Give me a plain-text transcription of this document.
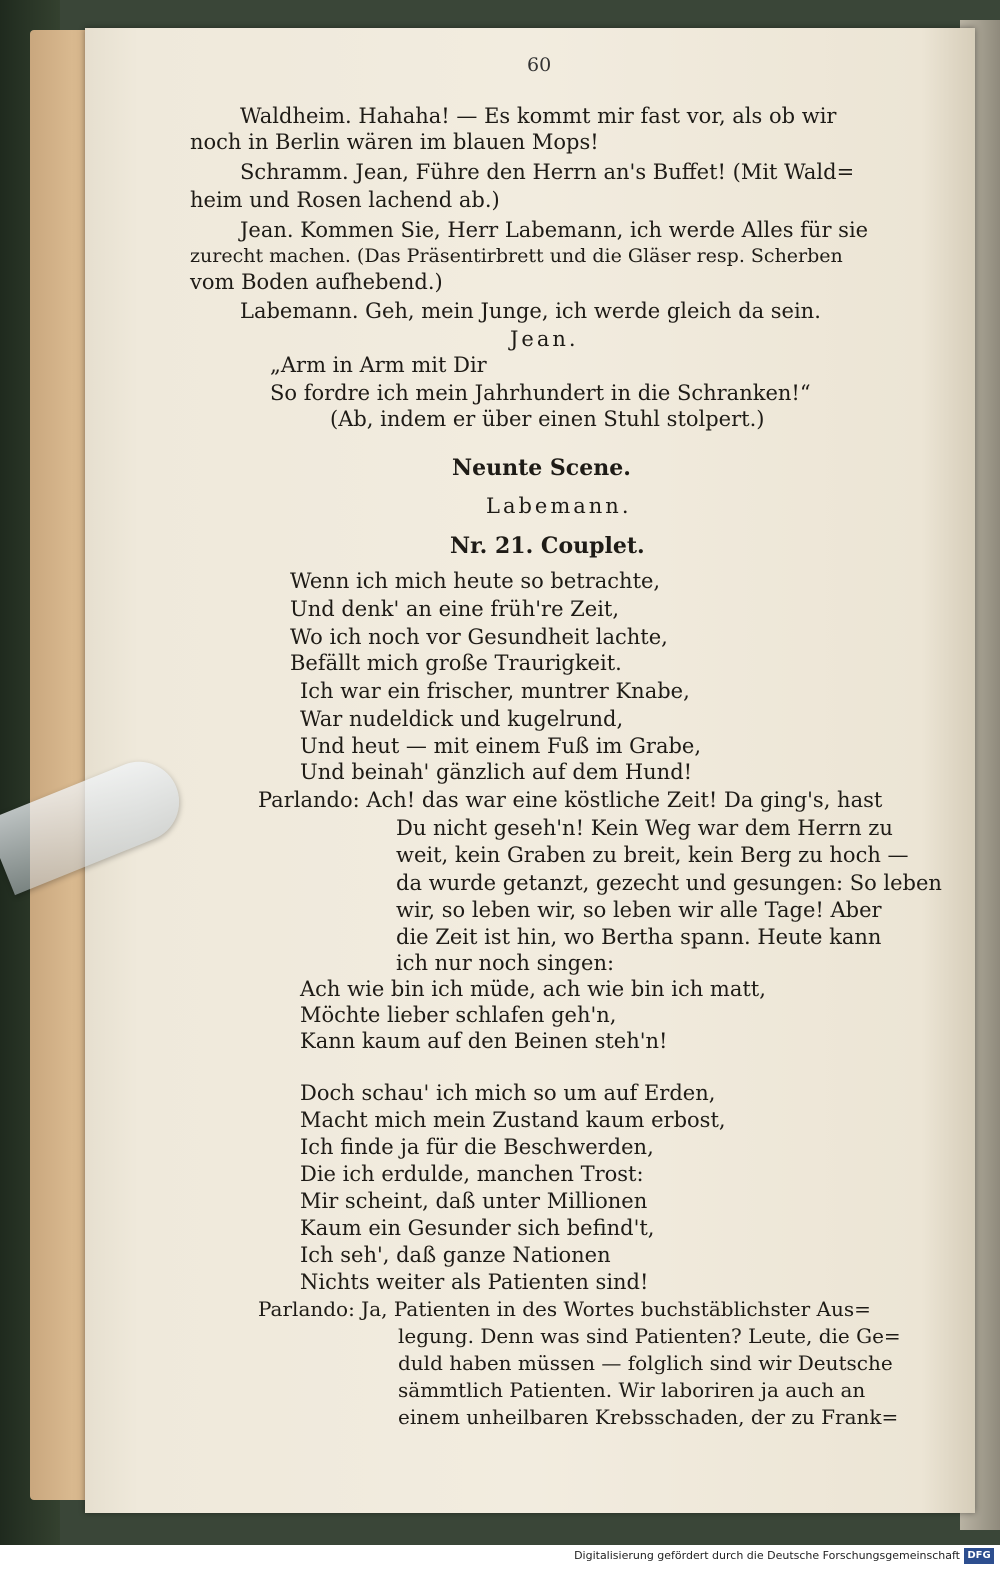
60
Waldheim. Hahaha! — Es kommt mir fast vor, als ob wir
noch in Berlin wären im blauen Mops!
Schramm. Jean, Führe den Herrn an's Buffet! (Mit Wald=
heim und Rosen lachend ab.)
Jean. Kommen Sie, Herr Labemann, ich werde Alles für sie
zurecht machen. (Das Präsentirbrett und die Gläser resp. Scherben
vom Boden aufhebend.)
Labemann. Geh, mein Junge, ich werde gleich da sein.
Jean.
„Arm in Arm mit Dir
So fordre ich mein Jahrhundert in die Schranken!“
(Ab, indem er über einen Stuhl stolpert.)
Neunte Scene.
Labemann.
Nr. 21. Couplet.
Wenn ich mich heute so betrachte,
Und denk' an eine früh're Zeit,
Wo ich noch vor Gesundheit lachte,
Befällt mich große Traurigkeit.
Ich war ein frischer, muntrer Knabe,
War nudeldick und kugelrund,
Und heut — mit einem Fuß im Grabe,
Und beinah' gänzlich auf dem Hund!
Parlando: Ach! das war eine köstliche Zeit! Da ging's, hast
Du nicht geseh'n! Kein Weg war dem Herrn zu
weit, kein Graben zu breit, kein Berg zu hoch —
da wurde getanzt, gezecht und gesungen: So leben
wir, so leben wir, so leben wir alle Tage! Aber
die Zeit ist hin, wo Bertha spann. Heute kann
ich nur noch singen:
Ach wie bin ich müde, ach wie bin ich matt,
Möchte lieber schlafen geh'n,
Kann kaum auf den Beinen steh'n!
Doch schau' ich mich so um auf Erden,
Macht mich mein Zustand kaum erbost,
Ich finde ja für die Beschwerden,
Die ich erdulde, manchen Trost:
Mir scheint, daß unter Millionen
Kaum ein Gesunder sich befind't,
Ich seh', daß ganze Nationen
Nichts weiter als Patienten sind!
Parlando: Ja, Patienten in des Wortes buchstäblichster Aus=
legung. Denn was sind Patienten? Leute, die Ge=
duld haben müssen — folglich sind wir Deutsche
sämmtlich Patienten. Wir laboriren ja auch an
einem unheilbaren Krebsschaden, der zu Frank=
Digitalisierung gefördert durch die Deutsche Forschungsgemeinschaft DFG
